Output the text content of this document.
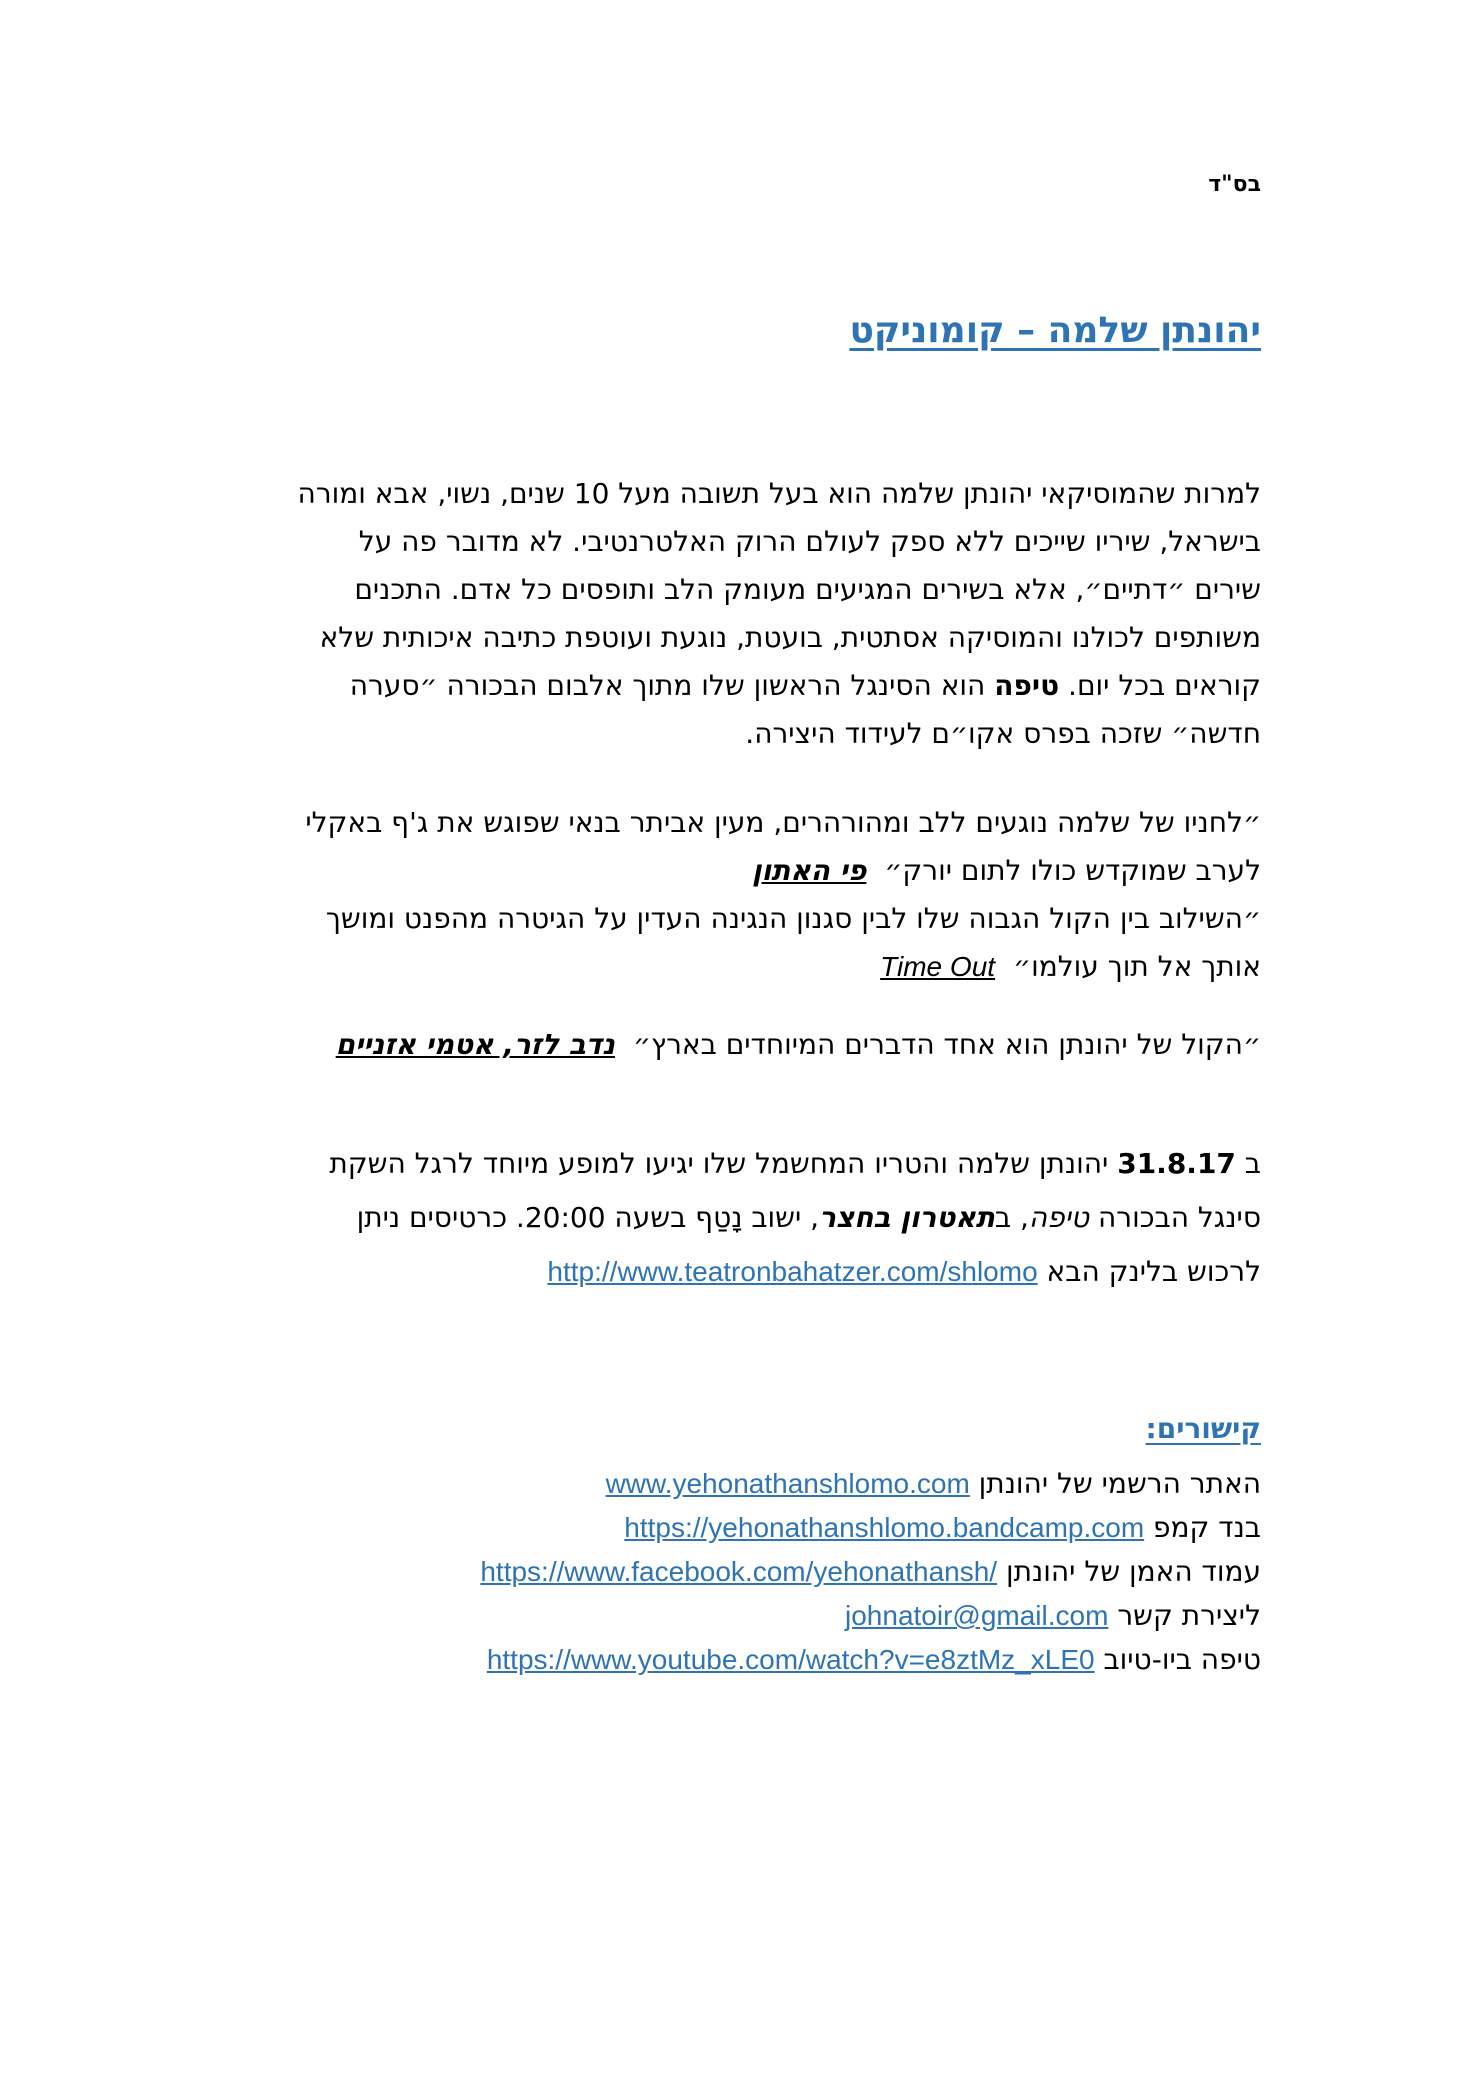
בס"ד
יהונתן שלמה – קומוניקט
למרות שהמוסיקאי יהונתן שלמה הוא בעל תשובה מעל 10 שנים, נשוי, אבא ומורה
בישראל, שיריו שייכים ללא ספק לעולם הרוק האלטרנטיבי. לא מדובר פה על
שירים ״דתיים״, אלא בשירים המגיעים מעומק הלב ותופסים כל אדם. התכנים
משותפים לכולנו והמוסיקה אסתטית, בועטת, נוגעת ועוטפת כתיבה איכותית שלא
קוראים בכל יום. טיפה הוא הסינגל הראשון שלו מתוך אלבום הבכורה ״סערה
חדשה״ שזכה בפרס אקו״ם לעידוד היצירה.
״לחניו של שלמה נוגעים ללב ומהורהרים, מעין אביתר בנאי שפוגש את ג'ף באקלי
לערב שמוקדש כולו לתום יורק״פי האתון
״השילוב בין הקול הגבוה שלו לבין סגנון הנגינה העדין על הגיטרה מהפנט ומושך
אותך אל תוך עולמו״Time Out
״הקול של יהונתן הוא אחד הדברים המיוחדים בארץ״נדב לזר, אטמי אזניים
ב 31.8.17 יהונתן שלמה והטריו המחשמל שלו יגיעו למופע מיוחד לרגל השקת
סינגל הבכורה טיפה, בתאטרון בחצר, ישוב נָטַף בשעה 20:00. כרטיסים ניתן
לרכוש בלינק הבא http://www.teatronbahatzer.com/shlomo
קישורים:
האתר הרשמי של יהונתן www.yehonathanshlomo.com
בנד קמפ https://yehonathanshlomo.bandcamp.com
עמוד האמן של יהונתן https://www.facebook.com/yehonathansh/
ליצירת קשר johnatoir@gmail.com
טיפה ביו-טיוב https://www.youtube.com/watch?v=e8ztMz_xLE0
